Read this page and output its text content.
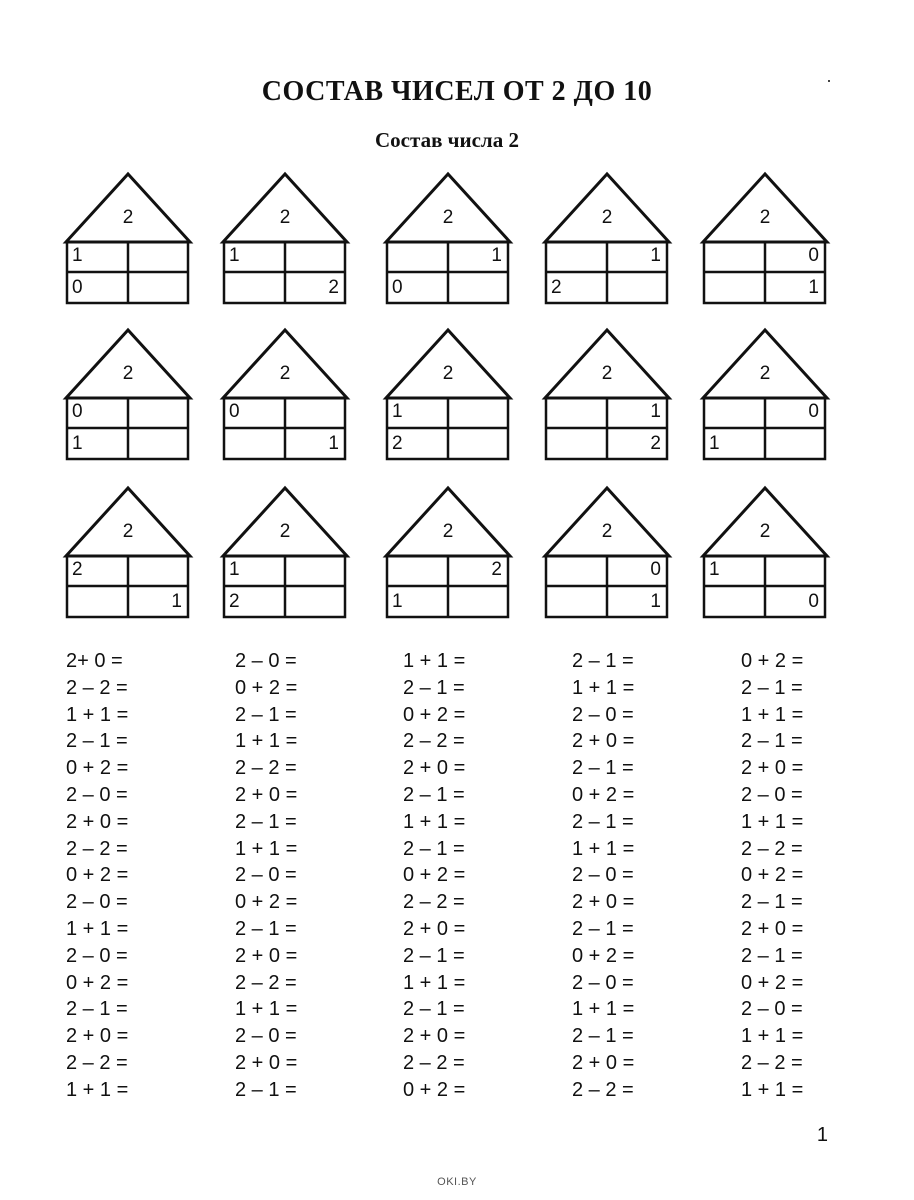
СОСТАВ ЧИСЕЛ ОТ 2 ДО 10
Состав числа 2
2
1
0
2
1
2
2
1
0
2
1
2
2
0
1
2
0
1
2
0
1
2
1
2
2
1
2
2
0
1
2
2
1
2
1
2
2
2
1
2
0
1
2
1
0
2+ 0 =
2 – 2 =
1 + 1 =
2 – 1 =
0 + 2 =
2 – 0 =
2 + 0 =
2 – 2 =
0 + 2 =
2 – 0 =
1 + 1 =
2 – 0 =
0 + 2 =
2 – 1 =
2 + 0 =
2 – 2 =
1 + 1 =
2 – 0 =
0 + 2 =
2 – 1 =
1 + 1 =
2 – 2 =
2 + 0 =
2 – 1 =
1 + 1 =
2 – 0 =
0 + 2 =
2 – 1 =
2 + 0 =
2 – 2 =
1 + 1 =
2 – 0 =
2 + 0 =
2 – 1 =
1 + 1 =
2 – 1 =
0 + 2 =
2 – 2 =
2 + 0 =
2 – 1 =
1 + 1 =
2 – 1 =
0 + 2 =
2 – 2 =
2 + 0 =
2 – 1 =
1 + 1 =
2 – 1 =
2 + 0 =
2 – 2 =
0 + 2 =
2 – 1 =
1 + 1 =
2 – 0 =
2 + 0 =
2 – 1 =
0 + 2 =
2 – 1 =
1 + 1 =
2 – 0 =
2 + 0 =
2 – 1 =
0 + 2 =
2 – 0 =
1 + 1 =
2 – 1 =
2 + 0 =
2 – 2 =
0 + 2 =
2 – 1 =
1 + 1 =
2 – 1 =
2 + 0 =
2 – 0 =
1 + 1 =
2 – 2 =
0 + 2 =
2 – 1 =
2 + 0 =
2 – 1 =
0 + 2 =
2 – 0 =
1 + 1 =
2 – 2 =
1 + 1 =
1
OKI.BY
